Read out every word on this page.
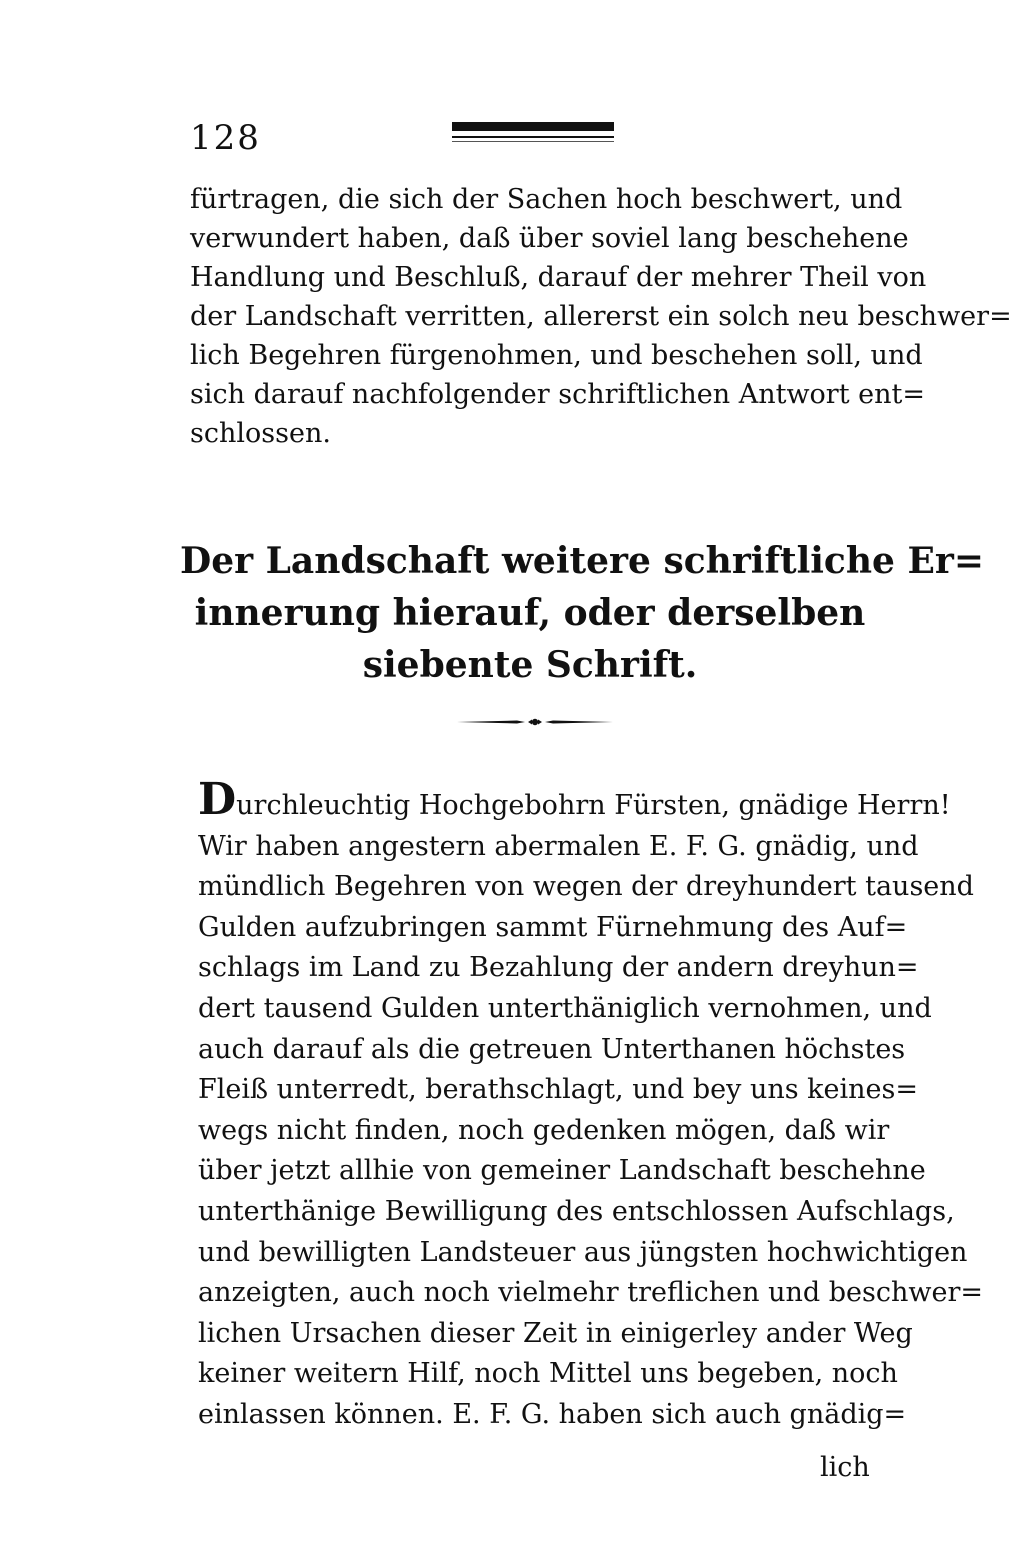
128

fürtragen, die sich der Sachen hoch beschwert, und
verwundert haben, daß über soviel lang beschehene
Handlung und Beschluß, darauf der mehrer Theil von
der Landschaft verritten, allererst ein solch neu beschwer=
lich Begehren fürgenohmen, und beschehen soll, und
sich darauf nachfolgender schriftlichen Antwort ent=
schlossen.
Der Landschaft weitere schriftliche Er=
innerung hierauf, oder derselben
siebente Schrift.
Durchleuchtig Hochgebohrn Fürsten, gnädige Herrn!
Wir haben angestern abermalen E. F. G. gnädig, und
mündlich Begehren von wegen der dreyhundert tausend
Gulden aufzubringen sammt Fürnehmung des Auf=
schlags im Land zu Bezahlung der andern dreyhun=
dert tausend Gulden unterthäniglich vernohmen, und
auch darauf als die getreuen Unterthanen höchstes
Fleiß unterredt, berathschlagt, und bey uns keines=
wegs nicht finden, noch gedenken mögen, daß wir
über jetzt allhie von gemeiner Landschaft beschehne
unterthänige Bewilligung des entschlossen Aufschlags,
und bewilligten Landsteuer aus jüngsten hochwichtigen
anzeigten, auch noch vielmehr treflichen und beschwer=
lichen Ursachen dieser Zeit in einigerley ander Weg
keiner weitern Hilf, noch Mittel uns begeben, noch
einlassen können. E. F. G. haben sich auch gnädig=

lich
